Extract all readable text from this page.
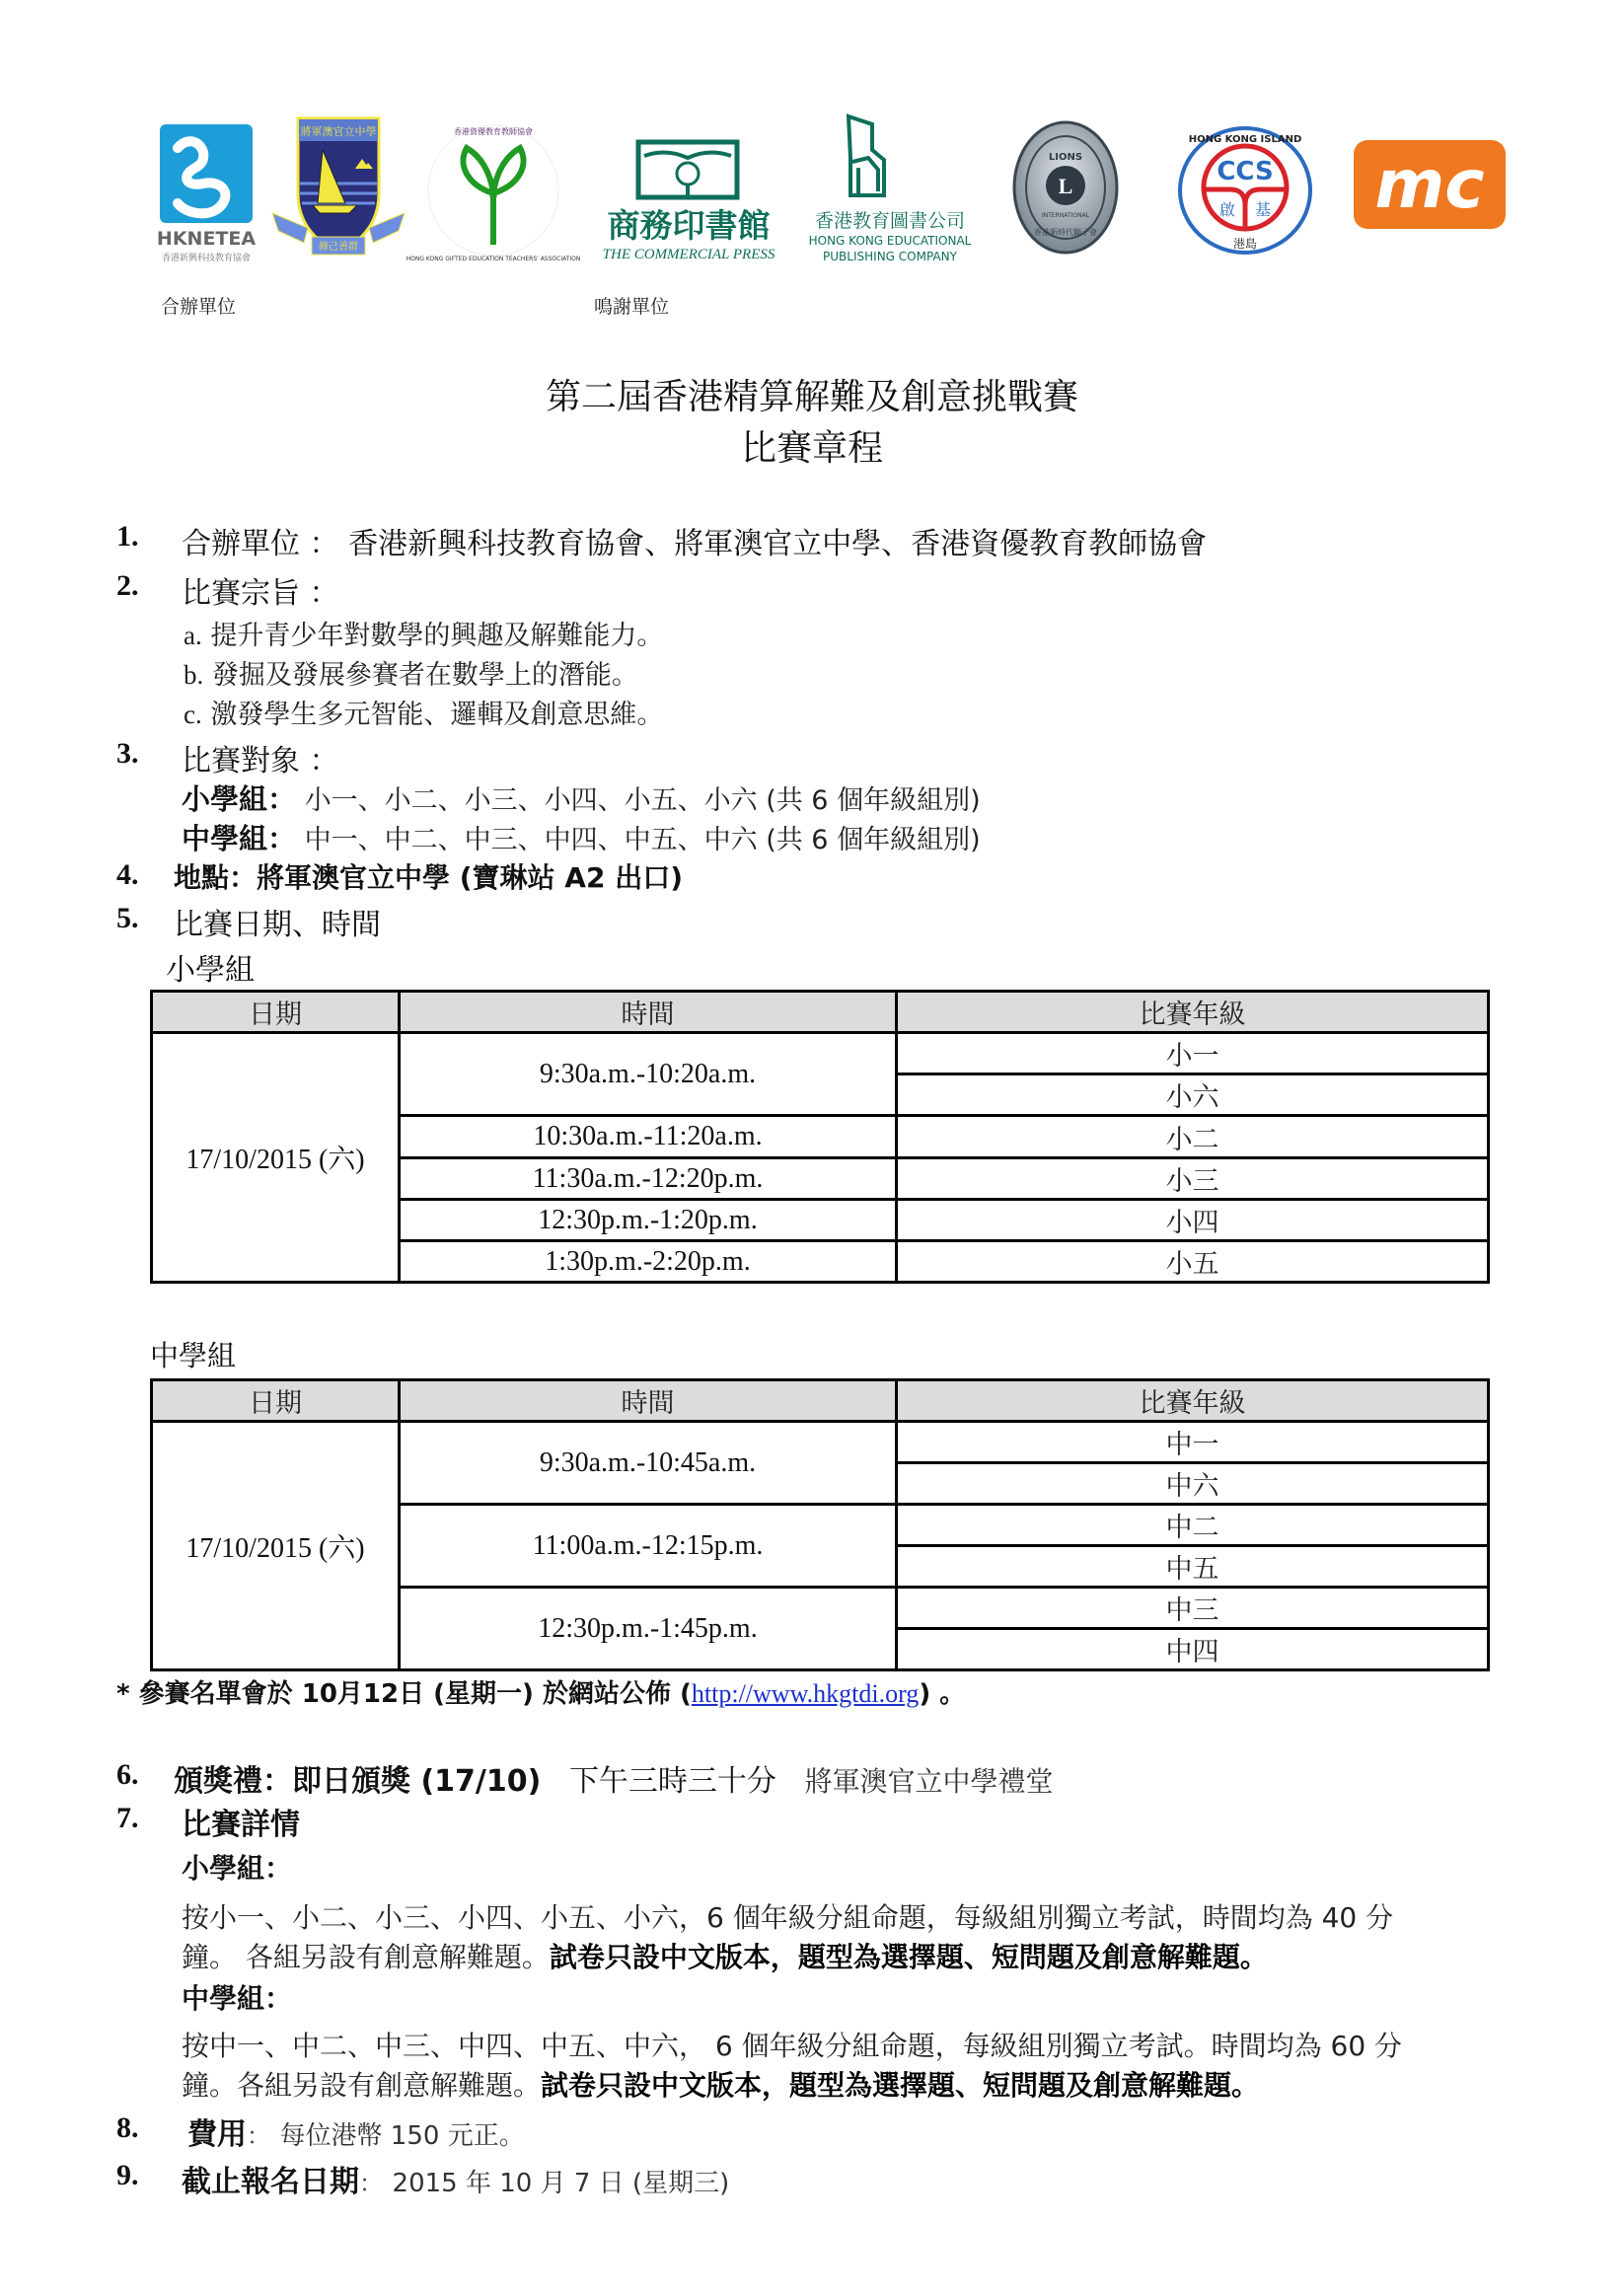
HKNETEA
香港新興科技教育協會
將軍澳官立中學
修己善群
香港資優教育教師協會
HONG KONG GIFTED EDUCATION TEACHERS' ASSOCIATION
商務印書館
THE COMMERCIAL PRESS
香港教育圖書公司
HONG KONG EDUCATIONAL
PUBLISHING COMPANY
L
LIONS
INTERNATIONAL
香港新時代獅子會
CCS
啟 基
港島
HONG KONG ISLAND
mc
合辦單位	鳴謝單位
第二屆香港精算解難及創意挑戰賽
比賽章程
1. 合辦單位 ： 香港新興科技教育協會、將軍澳官立中學、香港資優教育教師協會
2. 比賽宗旨 ：
a. 提升青少年對數學的興趣及解難能力。
b. 發掘及發展參賽者在數學上的潛能。
c. 激發學生多元智能、邏輯及創意思維。
3. 比賽對象 ：
小學組： 小一、小二、小三、小四、小五、小六 (共 6 個年級組別)
中學組： 中一、中二、中三、中四、中五、中六 (共 6 個年級組別)
4. 地點：將軍澳官立中學 (寶琳站 A2 出口)
5. 比賽日期、時間
小學組
日期	時間	比賽年級
17/10/2015 (六)	9:30a.m.-10:20a.m.	小一
		小六
	10:30a.m.-11:20a.m.	小二
	11:30a.m.-12:20p.m.	小三
	12:30p.m.-1:20p.m.	小四
	1:30p.m.-2:20p.m.	小五
中學組
日期	時間	比賽年級
17/10/2015 (六)	9:30a.m.-10:45a.m.	中一
		中六
	11:00a.m.-12:15p.m.	中二
		中五
	12:30p.m.-1:45p.m.	中三
		中四
* 參賽名單會於 10月12日 (星期一) 於網站公佈 (http://www.hkgtdi.org) 。
6. 頒獎禮：即日頒獎 (17/10) 下午三時三十分 將軍澳官立中學禮堂
7. 比賽詳情
小學組：
按小一、小二、小三、小四、小五、小六，6 個年級分組命題，每級組別獨立考試，時間均為 40 分
鐘。 各組另設有創意解難題。試卷只設中文版本，題型為選擇題、短問題及創意解難題。
中學組：
按中一、中二、中三、中四、中五、中六， 6 個年級分組命題，每級組別獨立考試。時間均為 60 分
鐘。各組另設有創意解難題。試卷只設中文版本，題型為選擇題、短問題及創意解難題。
8. 費用： 每位港幣 150 元正。
9. 截止報名日期： 2015 年 10 月 7 日 (星期三)
